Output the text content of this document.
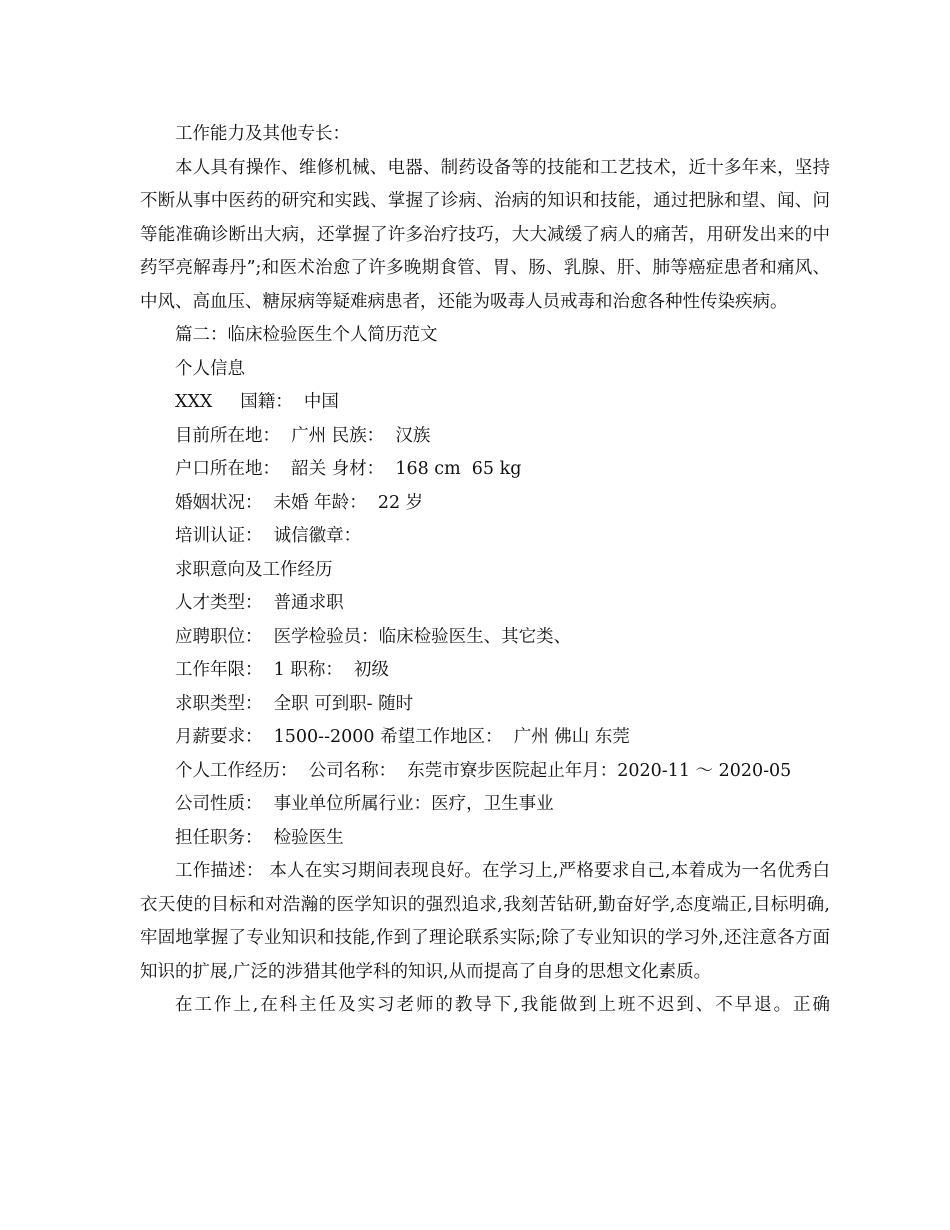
工作能力及其他专长：

本人具有操作、维修机械、电器、制药设备等的技能和工艺技术，近十多年来，坚持不断从事中医药的研究和实践、掌握了诊病、治病的知识和技能，通过把脉和望、闻、问等能准确诊断出大病，还掌握了许多治疗技巧，大大减缓了病人的痛苦，用研发出来的中药罕亮解毒丹”;和医术治愈了许多晚期食管、胃、肠、乳腺、肝、肺等癌症患者和痛风、中风、高血压、糖尿病等疑难病患者，还能为吸毒人员戒毒和治愈各种性传染疾病。

篇二：临床检验医生个人简历范文

个人信息

XXX     国籍：  中国

目前所在地：  广州 民族：  汉族

户口所在地：  韶关 身材：  168 cm  65 kg

婚姻状况：  未婚 年龄：  22 岁

培训认证：  诚信徽章：

求职意向及工作经历

人才类型：  普通求职

应聘职位：  医学检验员：临床检验医生、其它类、

工作年限：  1 职称：  初级

求职类型：  全职 可到职- 随时

月薪要求：  1500--2000 希望工作地区：  广州 佛山 东莞

个人工作经历：  公司名称：  东莞市寮步医院起止年月：2020-11 ～ 2020-05

公司性质：  事业单位所属行业：医疗，卫生事业

担任职务：  检验医生

工作描述： 本人在实习期间表现良好。在学习上,严格要求自己,本着成为一名优秀白衣天使的目标和对浩瀚的医学知识的强烈追求,我刻苦钻研,勤奋好学,态度端正,目标明确,牢固地掌握了专业知识和技能,作到了理论联系实际;除了专业知识的学习外,还注意各方面知识的扩展,广泛的涉猎其他学科的知识,从而提高了自身的思想文化素质。

在工作上,在科主任及实习老师的教导下,我能做到上班不迟到、不早退。正确
